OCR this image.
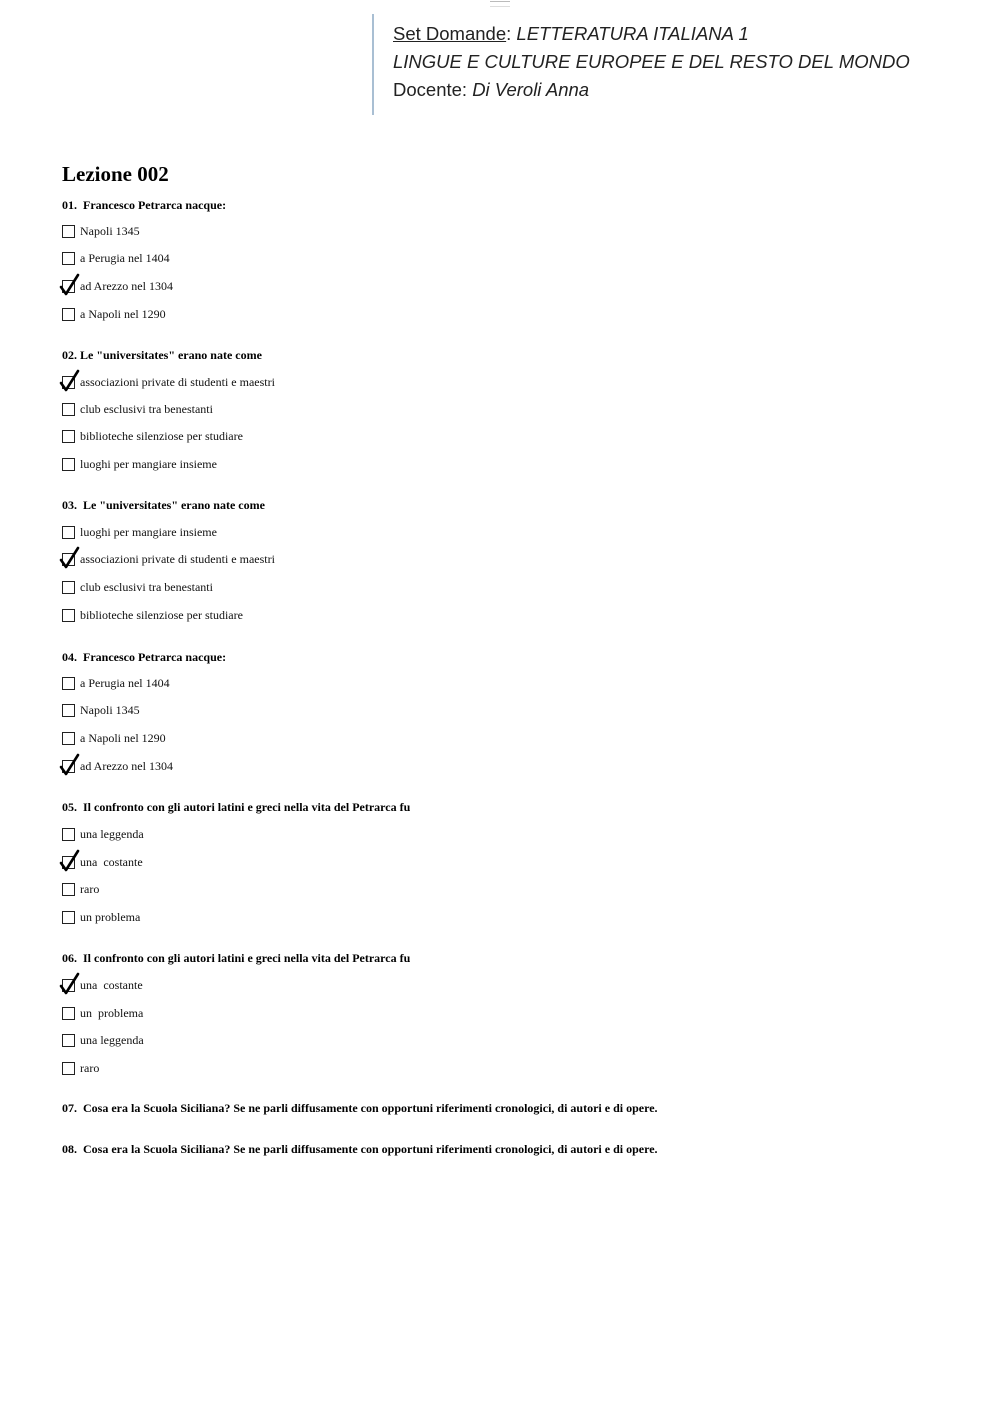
Set Domande: LETTERATURA ITALIANA 1
LINGUE E CULTURE EUROPEE E DEL RESTO DEL MONDO
Docente: Di Veroli Anna
Lezione 002
01. Francesco Petrarca nacque:
Napoli 1345
a Perugia nel 1404
ad Arezzo nel 1304
a Napoli nel 1290
02. Le "universitates" erano nate come
associazioni private di studenti e maestri
club esclusivi tra benestanti
biblioteche silenziose per studiare
luoghi per mangiare insieme
03. Le "universitates" erano nate come
luoghi per mangiare insieme
associazioni private di studenti e maestri
club esclusivi tra benestanti
biblioteche silenziose per studiare
04. Francesco Petrarca nacque:
a Perugia nel 1404
Napoli 1345
a Napoli nel 1290
ad Arezzo nel 1304
05. Il confronto con gli autori latini e greci nella vita del Petrarca fu
una leggenda
una  costante
raro
un problema
06. Il confronto con gli autori latini e greci nella vita del Petrarca fu
una  costante
un  problema
una leggenda
raro
07. Cosa era la Scuola Siciliana? Se ne parli diffusamente con opportuni riferimenti cronologici, di autori e di opere.
08. Cosa era la Scuola Siciliana? Se ne parli diffusamente con opportuni riferimenti cronologici, di autori e di opere.
